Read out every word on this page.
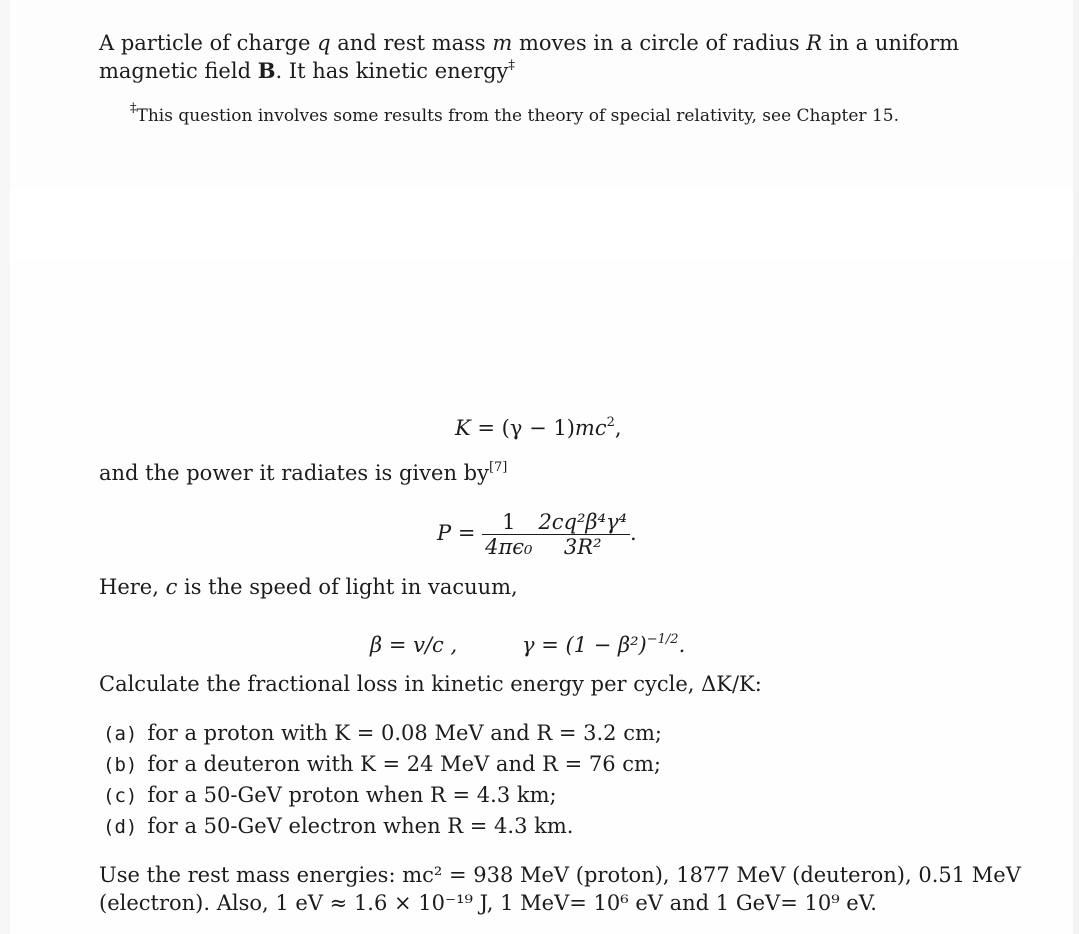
A particle of charge q and rest mass m moves in a circle of radius R in a uniform
magnetic field B. It has kinetic energy‡
‡This question involves some results from the theory of special relativity, see Chapter 15.
$K = (\gamma - 1)mc^2$,
and the power it radiates is given by[7]
$P = \frac{1}{\text{4πϵ₀}} \frac{\text{2cq²β⁴γ⁴}}{\text{3R²}}$ .
Here, c is the speed of light in vacuum,
β = v/c ,	$\gamma = (1 - \beta^2)^{-1/2}$.
Calculate the fractional loss in kinetic energy per cycle, ΔK/K:
(a) for a proton with K = 0.08 MeV and R = 3.2 cm;
(b) for a deuteron with K = 24 MeV and R = 76 cm;
(c) for a 50-GeV proton when R = 4.3 km;
(d) for a 50-GeV electron when R = 4.3 km.
Use the rest mass energies: mc² = 938 MeV (proton), 1877 MeV (deuteron), 0.51 MeV
(electron). Also, 1 eV ≈ 1.6 × 10⁻¹⁹ J, 1 MeV= 10⁶ eV and 1 GeV= 10⁹ eV.
